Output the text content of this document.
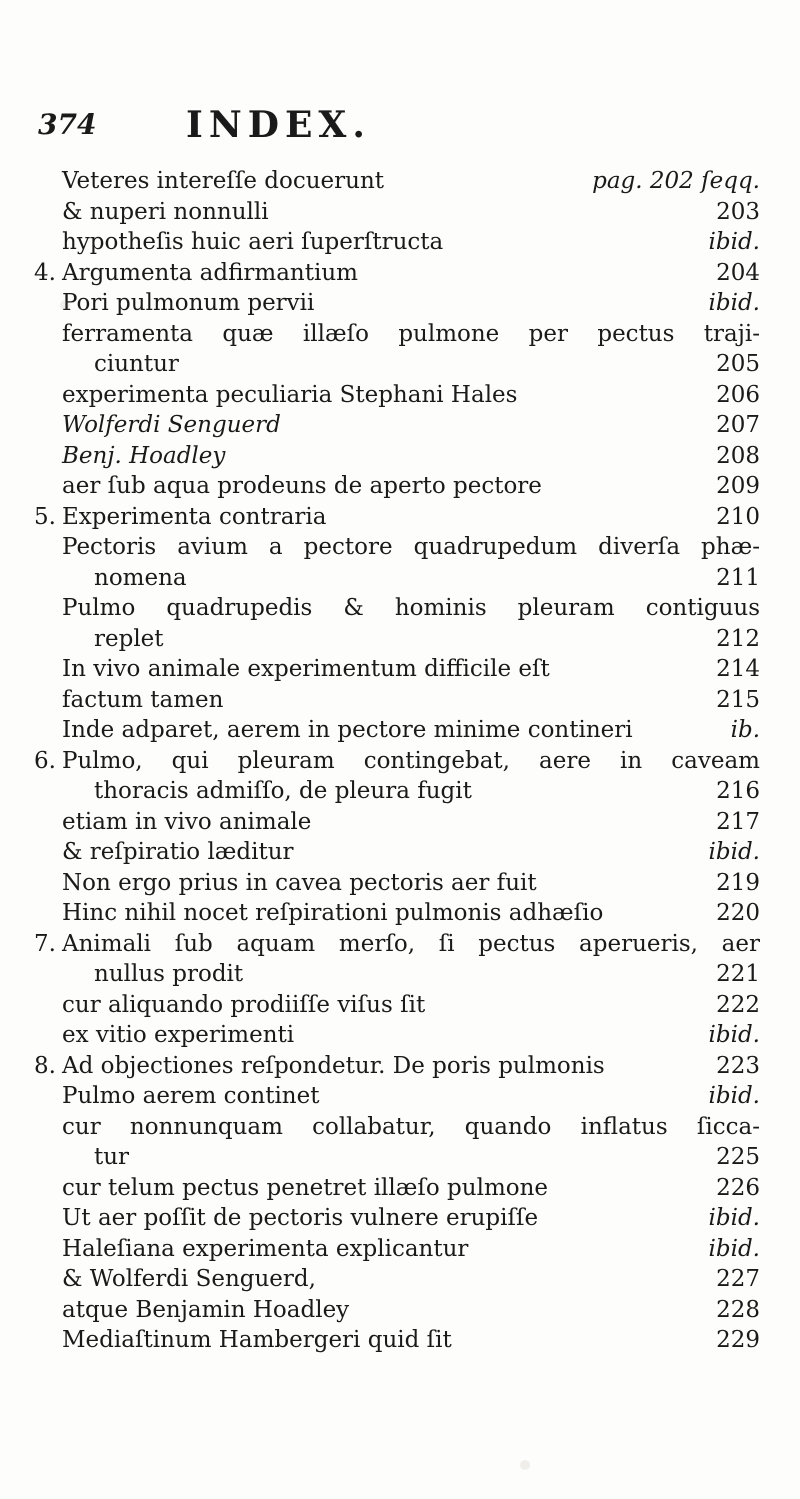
374 INDEX.
Veteres intereſſe docuerunt	pag. 202 ſeqq.
& nuperi nonnulli	203
hypotheſis huic aeri ſuperſtructa	ibid.
4. Argumenta adfirmantium	204
Pori pulmonum pervii	ibid.
ferramenta quæ illæſo pulmone per pectus traji-
ciuntur	205
experimenta peculiaria Stephani Hales	206
Wolferdi Senguerd	207
Benj. Hoadley	208
aer ſub aqua prodeuns de aperto pectore	209
5. Experimenta contraria	210
Pectoris avium a pectore quadrupedum diverſa phæ-
nomena	211
Pulmo quadrupedis & hominis pleuram contiguus
replet	212
In vivo animale experimentum difficile eſt	214
factum tamen	215
Inde adparet, aerem in pectore minime contineri	ib.
6. Pulmo, qui pleuram contingebat, aere in caveam
thoracis admiſſo, de pleura fugit	216
etiam in vivo animale	217
& reſpiratio læditur	ibid.
Non ergo prius in cavea pectoris aer fuit	219
Hinc nihil nocet reſpirationi pulmonis adhæſio	220
7. Animali ſub aquam merſo, ſi pectus aperueris, aer
nullus prodit	221
cur aliquando prodiiſſe viſus ſit	222
ex vitio experimenti	ibid.
8. Ad objectiones reſpondetur. De poris pulmonis	223
Pulmo aerem continet	ibid.
cur nonnunquam collabatur, quando inflatus ſicca-
tur	225
cur telum pectus penetret illæſo pulmone	226
Ut aer poſſit de pectoris vulnere erupiſſe	ibid.
Haleſiana experimenta explicantur	ibid.
& Wolferdi Senguerd,	227
atque Benjamin Hoadley	228
Mediaſtinum Hambergeri quid ſit	229
